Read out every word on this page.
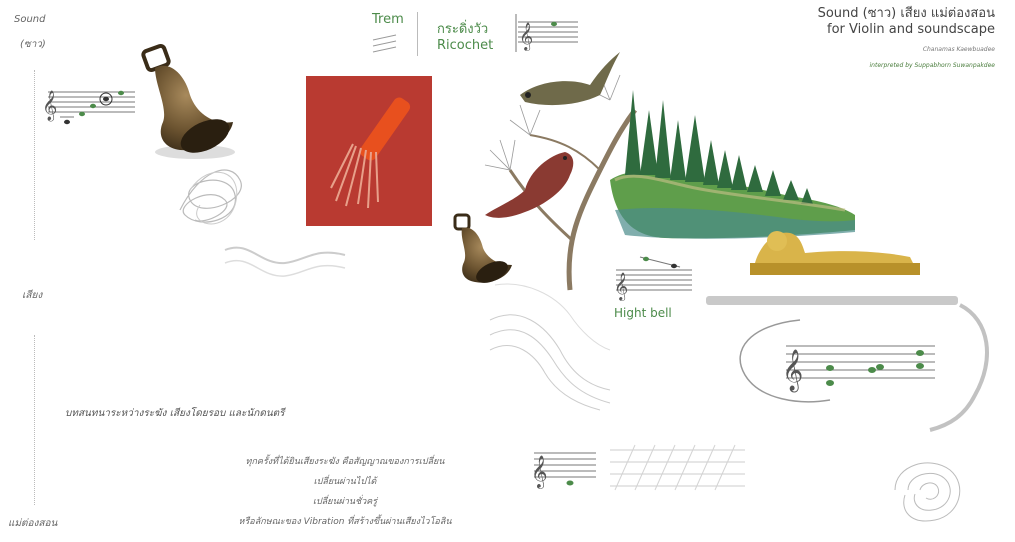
Sound
(ซาว)
เสียง
แม่ต่องสอน
𝄞
Trem
กระดิ่งวัว
Ricochet 𝄞
Sound (ซาว) เสียง แม่ต่องสอน
for Violin and soundscape
Chanamas Kaewbuadee
interpreted by Suppabhorn Suwanpakdee
𝄞
Hight bell
𝄞
𝄞
บทสนทนาระหว่างระฆัง เสียงโดยรอบ และนักดนตรี
ทุกครั้งที่ได้ยินเสียงระฆัง คือสัญญาณของการเปลี่ยน
เปลี่ยนผ่านไปได้
เปลี่ยนผ่านชั่วครู่
หรือลักษณะของ Vibration ที่สร้างขึ้นผ่านเสียงไวโอลิน
